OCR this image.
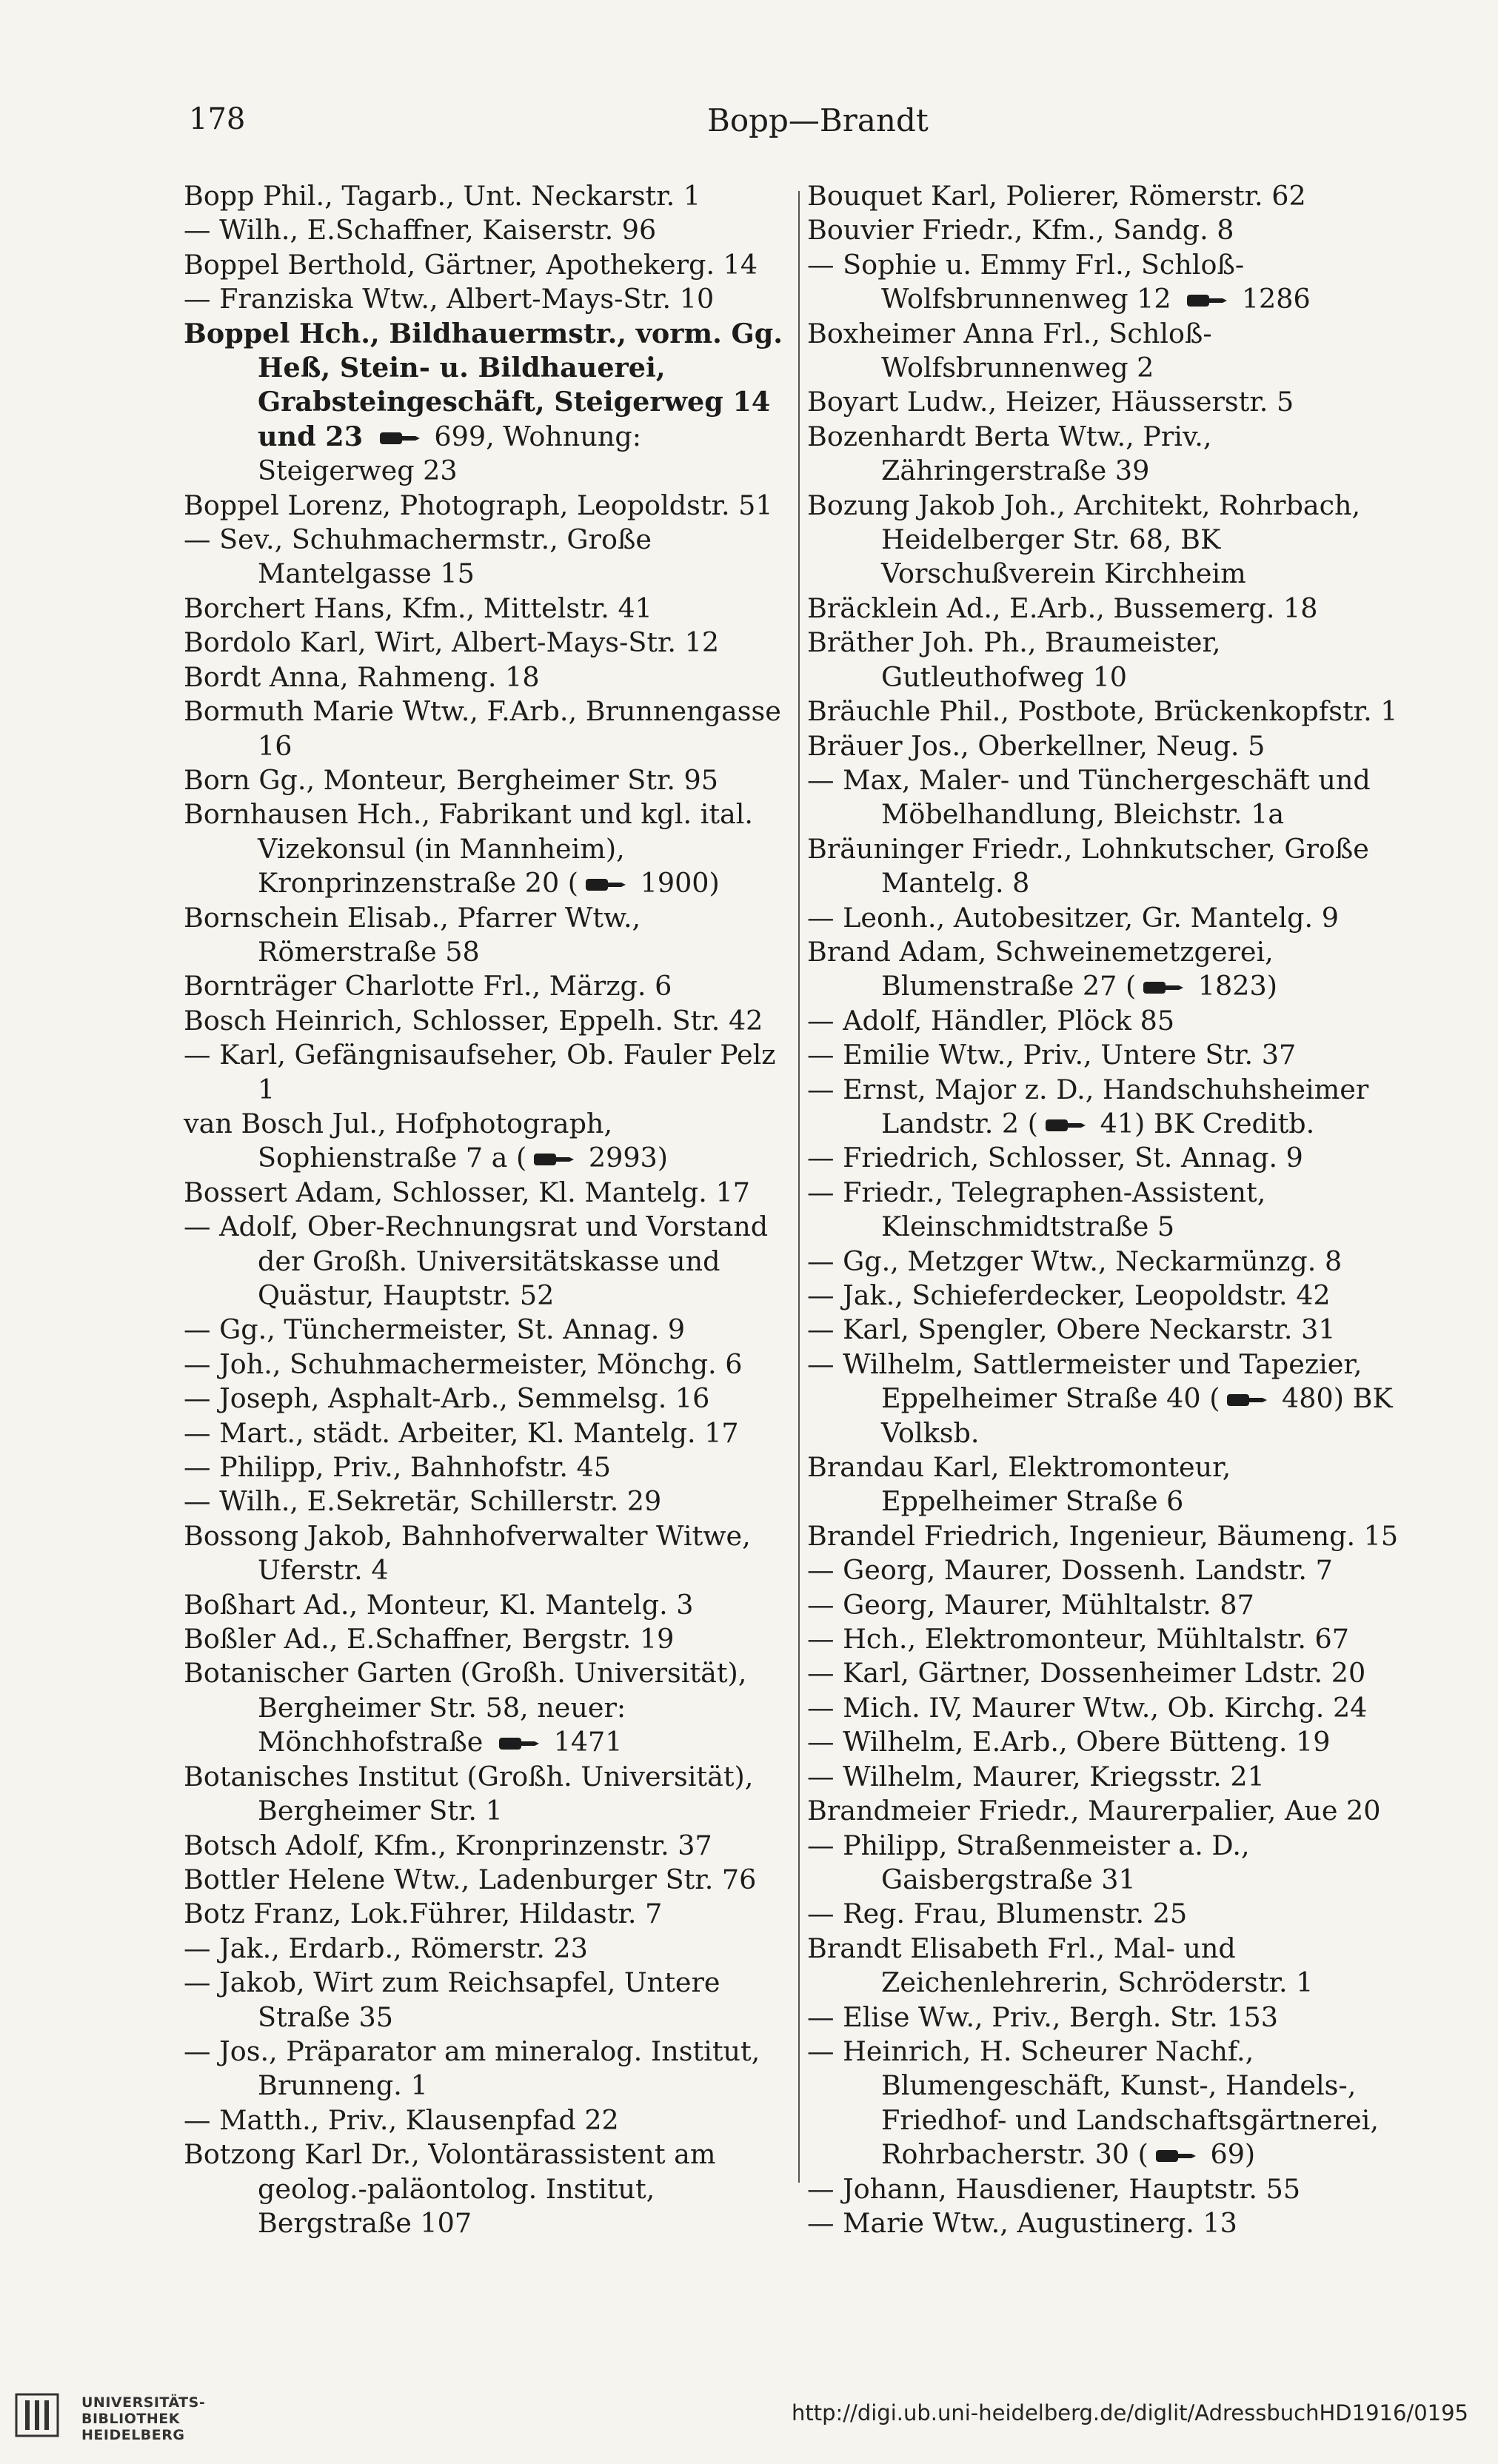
178	Bopp—Brandt
Bopp Phil., Tagarb., Unt. Neckarstr. 1
— Wilh., E.Schaffner, Kaiserstr. 96
Boppel Berthold, Gärtner, Apothekerg. 14
— Franziska Wtw., Albert-Mays-Str. 10
Boppel Hch., Bildhauermstr., vorm. Gg. Heß, Stein- u. Bildhauerei, Grabsteingeschäft, Steigerweg 14 und 23  699, Wohnung: Steigerweg 23
Boppel Lorenz, Photograph, Leopoldstr. 51
— Sev., Schuhmachermstr., Große Mantelgasse 15
Borchert Hans, Kfm., Mittelstr. 41
Bordolo Karl, Wirt, Albert-Mays-Str. 12
Bordt Anna, Rahmeng. 18
Bormuth Marie Wtw., F.Arb., Brunnengasse 16
Born Gg., Monteur, Bergheimer Str. 95
Bornhausen Hch., Fabrikant und kgl. ital. Vizekonsul (in Mannheim), Kronprinzenstraße 20 ( 1900)
Bornschein Elisab., Pfarrer Wtw., Römerstraße 58
Bornträger Charlotte Frl., Märzg. 6
Bosch Heinrich, Schlosser, Eppelh. Str. 42
— Karl, Gefängnisaufseher, Ob. Fauler Pelz 1
van Bosch Jul., Hofphotograph, Sophienstraße 7 a ( 2993)
Bossert Adam, Schlosser, Kl. Mantelg. 17
— Adolf, Ober-Rechnungsrat und Vorstand der Großh. Universitätskasse und Quästur, Hauptstr. 52
— Gg., Tünchermeister, St. Annag. 9
— Joh., Schuhmachermeister, Mönchg. 6
— Joseph, Asphalt-Arb., Semmelsg. 16
— Mart., städt. Arbeiter, Kl. Mantelg. 17
— Philipp, Priv., Bahnhofstr. 45
— Wilh., E.Sekretär, Schillerstr. 29
Bossong Jakob, Bahnhofverwalter Witwe, Uferstr. 4
Boßhart Ad., Monteur, Kl. Mantelg. 3
Boßler Ad., E.Schaffner, Bergstr. 19
Botanischer Garten (Großh. Universität), Bergheimer Str. 58, neuer: Mönchhofstraße  1471
Botanisches Institut (Großh. Universität), Bergheimer Str. 1
Botsch Adolf, Kfm., Kronprinzenstr. 37
Bottler Helene Wtw., Ladenburger Str. 76
Botz Franz, Lok.Führer, Hildastr. 7
— Jak., Erdarb., Römerstr. 23
— Jakob, Wirt zum Reichsapfel, Untere Straße 35
— Jos., Präparator am mineralog. Institut, Brunneng. 1
— Matth., Priv., Klausenpfad 22
Botzong Karl Dr., Volontärassistent am geolog.-paläontolog. Institut, Bergstraße 107
Bouquet Karl, Polierer, Römerstr. 62
Bouvier Friedr., Kfm., Sandg. 8
— Sophie u. Emmy Frl., Schloß-Wolfsbrunnenweg 12  1286
Boxheimer Anna Frl., Schloß-Wolfsbrunnenweg 2
Boyart Ludw., Heizer, Häusserstr. 5
Bozenhardt Berta Wtw., Priv., Zähringerstraße 39
Bozung Jakob Joh., Architekt, Rohrbach, Heidelberger Str. 68, BK Vorschußverein Kirchheim
Bräcklein Ad., E.Arb., Bussemerg. 18
Bräther Joh. Ph., Braumeister, Gutleuthofweg 10
Bräuchle Phil., Postbote, Brückenkopfstr. 1
Bräuer Jos., Oberkellner, Neug. 5
— Max, Maler- und Tünchergeschäft und Möbelhandlung, Bleichstr. 1a
Bräuninger Friedr., Lohnkutscher, Große Mantelg. 8
— Leonh., Autobesitzer, Gr. Mantelg. 9
Brand Adam, Schweinemetzgerei, Blumenstraße 27 ( 1823)
— Adolf, Händler, Plöck 85
— Emilie Wtw., Priv., Untere Str. 37
— Ernst, Major z. D., Handschuhsheimer Landstr. 2 ( 41) BK Creditb.
— Friedrich, Schlosser, St. Annag. 9
— Friedr., Telegraphen-Assistent, Kleinschmidtstraße 5
— Gg., Metzger Wtw., Neckarmünzg. 8
— Jak., Schieferdecker, Leopoldstr. 42
— Karl, Spengler, Obere Neckarstr. 31
— Wilhelm, Sattlermeister und Tapezier, Eppelheimer Straße 40 ( 480) BK Volksb.
Brandau Karl, Elektromonteur, Eppelheimer Straße 6
Brandel Friedrich, Ingenieur, Bäumeng. 15
— Georg, Maurer, Dossenh. Landstr. 7
— Georg, Maurer, Mühltalstr. 87
— Hch., Elektromonteur, Mühltalstr. 67
— Karl, Gärtner, Dossenheimer Ldstr. 20
— Mich. IV, Maurer Wtw., Ob. Kirchg. 24
— Wilhelm, E.Arb., Obere Bütteng. 19
— Wilhelm, Maurer, Kriegsstr. 21
Brandmeier Friedr., Maurerpalier, Aue 20
— Philipp, Straßenmeister a. D., Gaisbergstraße 31
— Reg. Frau, Blumenstr. 25
Brandt Elisabeth Frl., Mal- und Zeichenlehrerin, Schröderstr. 1
— Elise Ww., Priv., Bergh. Str. 153
— Heinrich, H. Scheurer Nachf., Blumengeschäft, Kunst-, Handels-, Friedhof- und Landschaftsgärtnerei, Rohrbacherstr. 30 ( 69)
— Johann, Hausdiener, Hauptstr. 55
— Marie Wtw., Augustinerg. 13
UNIVERSITÄTS-
BIBLIOTHEK
HEIDELBERG
http://digi.ub.uni-heidelberg.de/diglit/AdressbuchHD1916/0195
